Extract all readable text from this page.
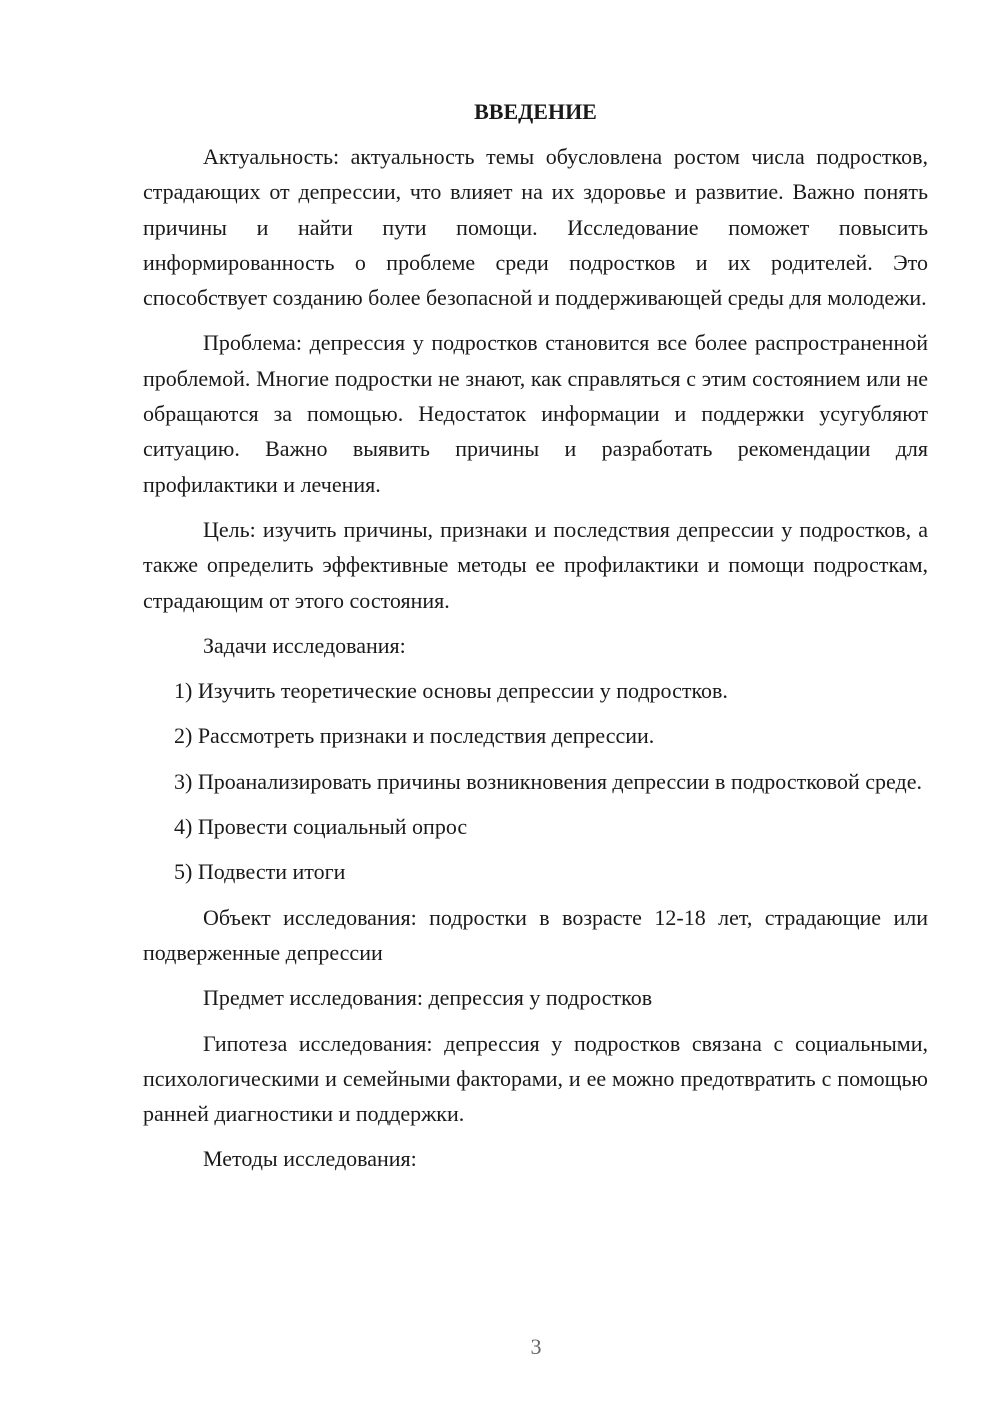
ВВЕДЕНИЕ
Актуальность: актуальность темы обусловлена ростом числа подростков, страдающих от депрессии, что влияет на их здоровье и развитие. Важно понять причины и найти пути помощи. Исследование поможет повысить информированность о проблеме среди подростков и их родителей. Это способствует созданию более безопасной и поддерживающей среды для молодежи.
Проблема: депрессия у подростков становится все более распространенной проблемой. Многие подростки не знают, как справляться с этим состоянием или не обращаются за помощью. Недостаток информации и поддержки усугубляют ситуацию. Важно выявить причины и разработать рекомендации для профилактики и лечения.
Цель: изучить причины, признаки и последствия депрессии у подростков, а также определить эффективные методы ее профилактики и помощи подросткам, страдающим от этого состояния.
Задачи исследования:
1) Изучить теоретические основы депрессии у подростков.
2) Рассмотреть признаки и последствия депрессии.
3) Проанализировать причины возникновения депрессии в подростковой среде.
4) Провести социальный опрос
5) Подвести итоги
Объект исследования: подростки в возрасте 12-18 лет, страдающие или подверженные депрессии
Предмет исследования: депрессия у подростков
Гипотеза исследования: депрессия у подростков связана с социальными, психологическими и семейными факторами, и ее можно предотвратить с помощью ранней диагностики и поддержки.
Методы исследования:
3
